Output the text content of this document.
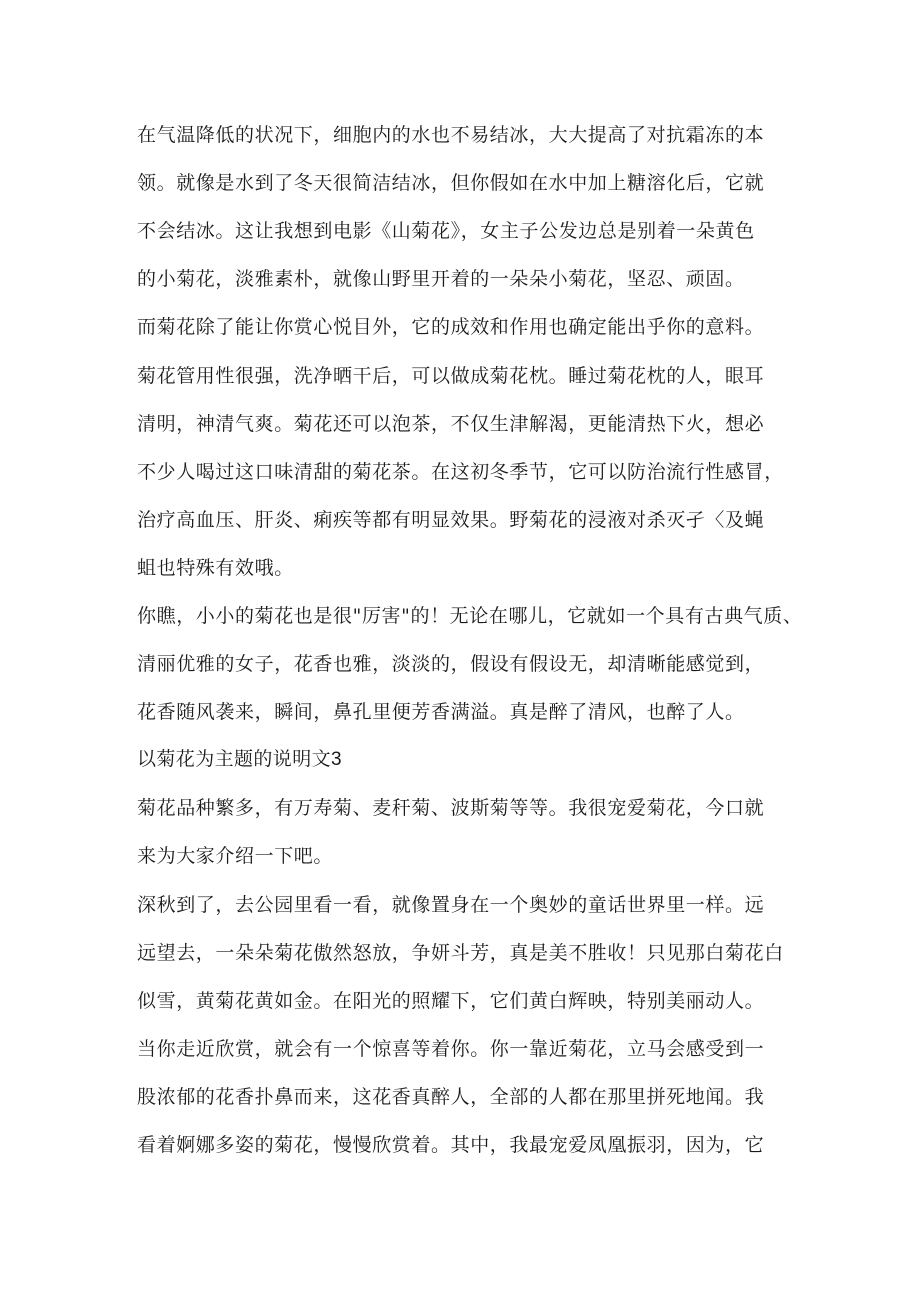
在气温降低的状况下，细胞内的水也不易结冰，大大提高了对抗霜冻的本
领。就像是水到了冬天很简洁结冰，但你假如在水中加上糖溶化后，它就
不会结冰。这让我想到电影《山菊花》，女主子公发边总是别着一朵黄色
的小菊花，淡雅素朴，就像山野里开着的一朵朵小菊花，坚忍、顽固。
而菊花除了能让你赏心悦目外，它的成效和作用也确定能出乎你的意料。
菊花管用性很强，洗净晒干后，可以做成菊花枕。睡过菊花枕的人，眼耳
清明，神清气爽。菊花还可以泡茶，不仅生津解渴，更能清热下火，想必
不少人喝过这口味清甜的菊花茶。在这初冬季节，它可以防治流行性感冒，
治疗高血压、肝炎、痢疾等都有明显效果。野菊花的浸液对杀灭孑〈及蝇
蛆也特殊有效哦。
你瞧，小小的菊花也是很"厉害"的！无论在哪儿，它就如一个具有古典气质、
清丽优雅的女子，花香也雅，淡淡的，假设有假设无，却清晰能感觉到，
花香随风袭来，瞬间，鼻孔里便芳香满溢。真是醉了清风，也醉了人。
以菊花为主题的说明文3
菊花品种繁多，有万寿菊、麦秆菊、波斯菊等等。我很宠爱菊花，今口就
来为大家介绍一下吧。
深秋到了，去公园里看一看，就像置身在一个奥妙的童话世界里一样。远
远望去，一朵朵菊花傲然怒放，争妍斗芳，真是美不胜收！只见那白菊花白
似雪，黄菊花黄如金。在阳光的照耀下，它们黄白辉映，特别美丽动人。
当你走近欣赏，就会有一个惊喜等着你。你一靠近菊花，立马会感受到一
股浓郁的花香扑鼻而来，这花香真醉人，全部的人都在那里拼死地闻。我
看着婀娜多姿的菊花，慢慢欣赏着。其中，我最宠爱凤凰振羽，因为，它
